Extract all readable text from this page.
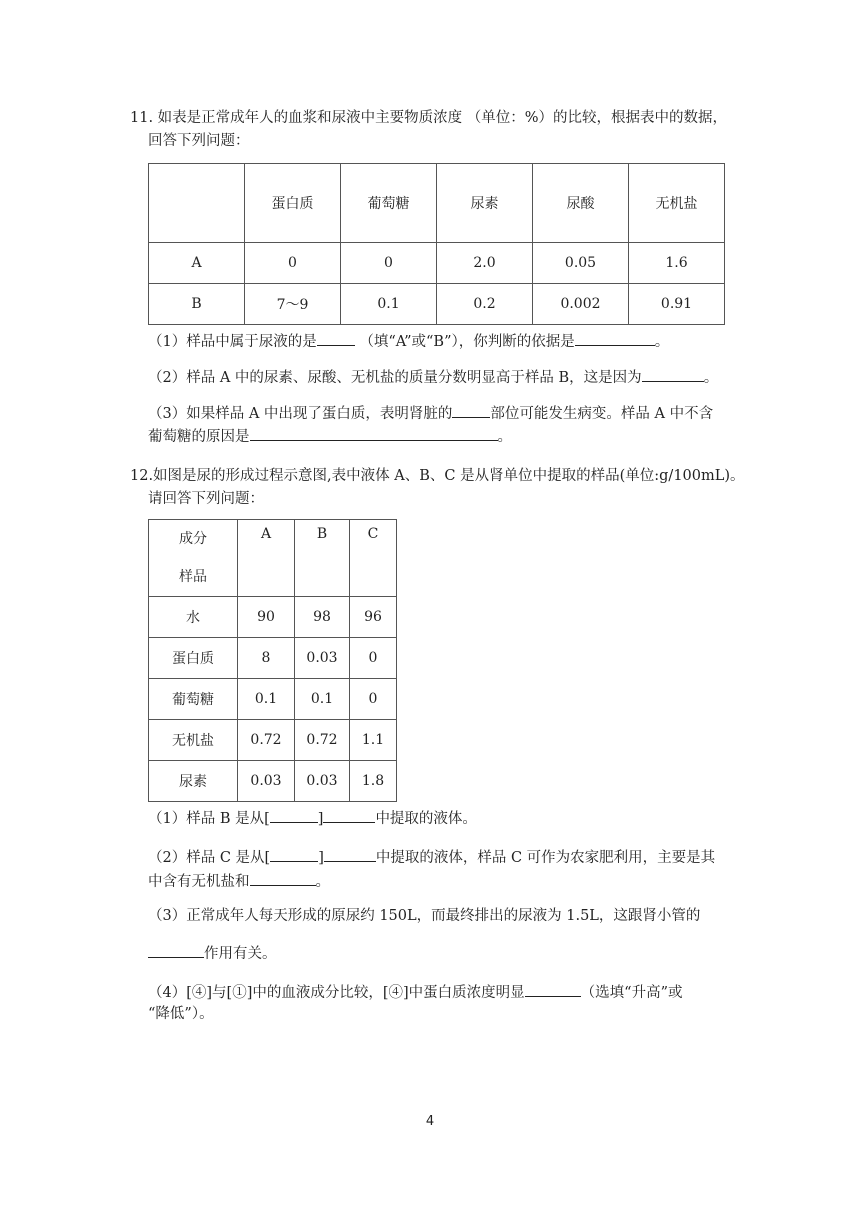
11. 如表是正常成年人的血浆和尿液中主要物质浓度 （单位：%）的比较，根据表中的数据，
回答下列问题：
	蛋白质	葡萄糖	尿素	尿酸	无机盐
A	0	0	2.0	0.05	1.6
B	7～9	0.1	0.2	0.002	0.91
（1）样品中属于尿液的是	（填“A”或“B”），你判断的依据是	。
（2）样品 A 中的尿素、尿酸、无机盐的质量分数明显高于样品 B，这是因为	。
（3）如果样品 A 中出现了蛋白质，表明肾脏的	部位可能发生病变。样品 A 中不含
葡萄糖的原因是	。
12.如图是尿的形成过程示意图,表中液体 A、B、C 是从肾单位中提取的样品(单位:g/100mL)。
请回答下列问题：
成分
样品	A	B	C
水	90	98	96
蛋白质	8	0.03	0
葡萄糖	0.1	0.1	0
无机盐	0.72	0.72	1.1
尿素	0.03	0.03	1.8
（1）样品 B 是从[	]	中提取的液体。
（2）样品 C 是从[	]	中提取的液体，样品 C 可作为农家肥利用，主要是其
中含有无机盐和	。
（3）正常成年人每天形成的原尿约 150L，而最终排出的尿液为 1.5L，这跟肾小管的
作用有关。
（4）[④]与[①]中的血液成分比较，[④]中蛋白质浓度明显	（选填“升高”或
“降低”）。
4
